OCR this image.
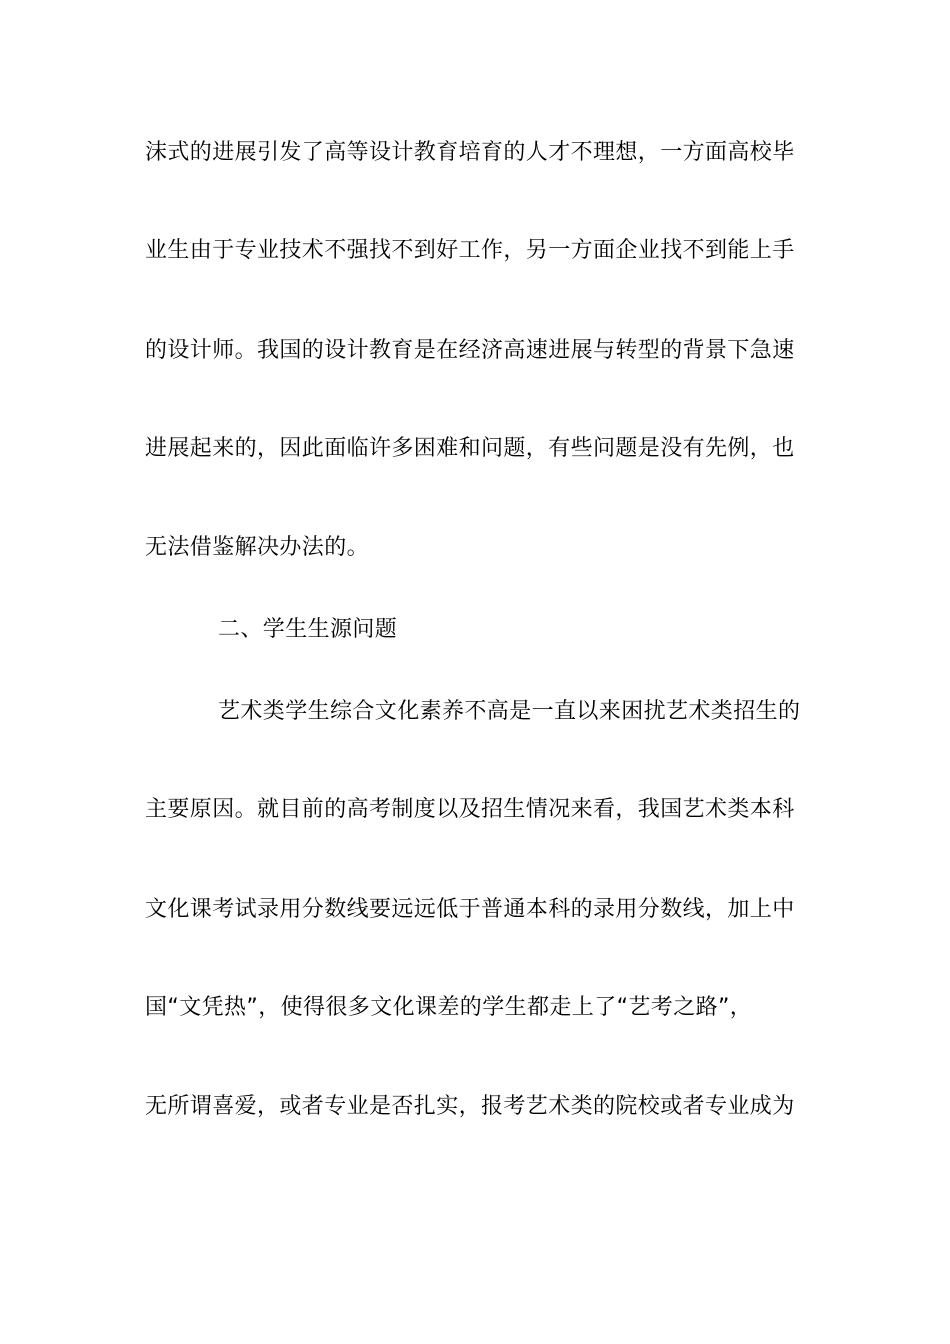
沫式的进展引发了高等设计教育培育的人才不理想，一方面高校毕
业生由于专业技术不强找不到好工作，另一方面企业找不到能上手
的设计师。我国的设计教育是在经济高速进展与转型的背景下急速
进展起来的，因此面临许多困难和问题，有些问题是没有先例，也
无法借鉴解决办法的。
二、学生生源问题
艺术类学生综合文化素养不高是一直以来困扰艺术类招生的
主要原因。就目前的高考制度以及招生情况来看，我国艺术类本科
文化课考试录用分数线要远远低于普通本科的录用分数线，加上中
国“文凭热”，使得很多文化课差的学生都走上了“艺考之路”，
无所谓喜爱，或者专业是否扎实，报考艺术类的院校或者专业成为
